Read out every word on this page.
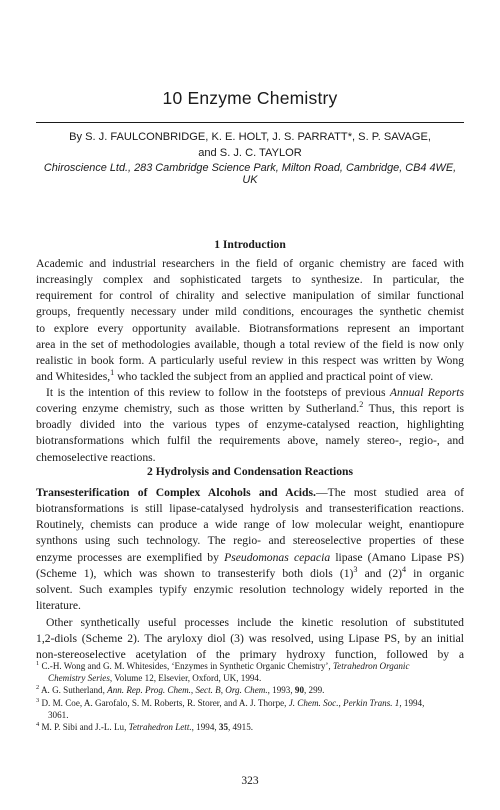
10 Enzyme Chemistry
By S. J. FAULCONBRIDGE, K. E. HOLT, J. S. PARRATT*, S. P. SAVAGE,
and S. J. C. TAYLOR
Chiroscience Ltd., 283 Cambridge Science Park, Milton Road, Cambridge, CB4 4WE, UK
1 Introduction
Academic and industrial researchers in the field of organic chemistry are faced with
increasingly complex and sophisticated targets to synthesize. In particular, the
requirement for control of chirality and selective manipulation of similar functional
groups, frequently necessary under mild conditions, encourages the synthetic chemist
to explore every opportunity available. Biotransformations represent an important
area in the set of methodologies available, though a total review of the field is now only
realistic in book form. A particularly useful review in this respect was written by Wong
and Whitesides,$^1$ who tackled the subject from an applied and practical point of view.
It is the intention of this review to follow in the footsteps of previous Annual Reports
covering enzyme chemistry, such as those written by Sutherland.$^2$ Thus, this report is
broadly divided into the various types of enzyme-catalysed reaction, highlighting
biotransformations which fulfil the requirements above, namely stereo-, regio-, and
chemoselective reactions.
2 Hydrolysis and Condensation Reactions
Transesterification of Complex Alcohols and Acids.—The most studied area of
biotransformations is still lipase-catalysed hydrolysis and transesterification reactions.
Routinely, chemists can produce a wide range of low molecular weight, enantiopure
synthons using such technology. The regio- and stereoselective properties of these
enzyme processes are exemplified by Pseudomonas cepacia lipase (Amano Lipase PS)
(Scheme 1), which was shown to transesterify both diols $(1)^3$ and $(2)^4$ in organic
solvent. Such examples typify enzymic resolution technology widely reported in the
literature.
Other synthetically useful processes include the kinetic resolution of substituted
1,2-diols (Scheme 2). The aryloxy diol (3) was resolved, using Lipase PS, by an initial
non-stereoselective acetylation of the primary hydroxy function, followed by a
$^1$ C.-H. Wong and G. M. Whitesides, ‘Enzymes in Synthetic Organic Chemistry’, Tetrahedron Organic
Chemistry Series, Volume 12, Elsevier, Oxford, UK, 1994.
$^2$ A. G. Sutherland, Ann. Rep. Prog. Chem., Sect. B, Org. Chem., 1993, 90, 299.
$^3$ D. M. Coe, A. Garofalo, S. M. Roberts, R. Storer, and A. J. Thorpe, J. Chem. Soc., Perkin Trans. 1, 1994,
3061.
$^4$ M. P. Sibi and J.-L. Lu, Tetrahedron Lett., 1994, 35, 4915.
323
